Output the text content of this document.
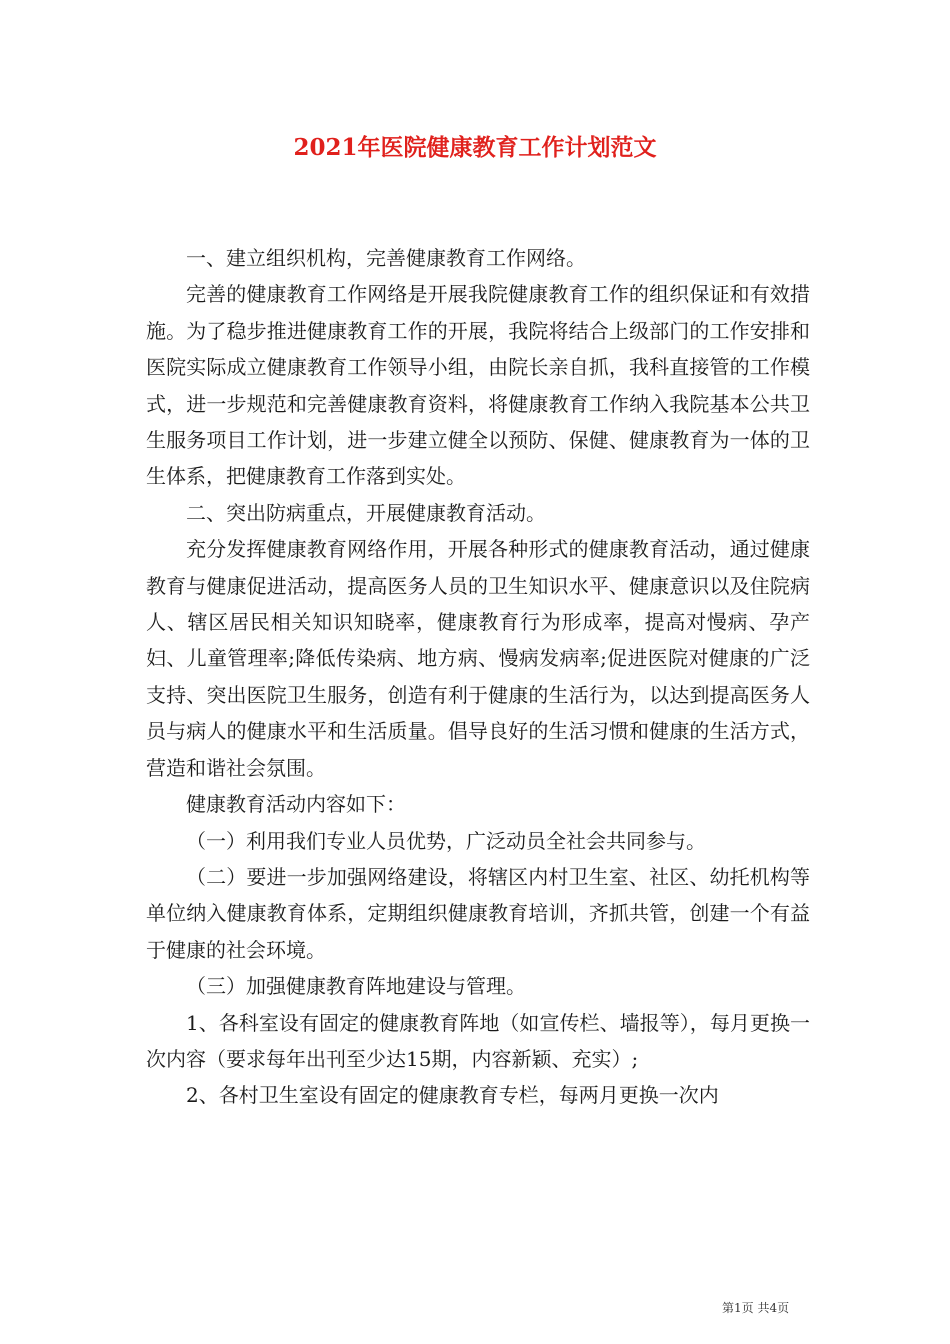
2021年医院健康教育工作计划范文

一、建立组织机构，完善健康教育工作网络。

完善的健康教育工作网络是开展我院健康教育工作的组织保证和有效措施。为了稳步推进健康教育工作的开展，我院将结合上级部门的工作安排和医院实际成立健康教育工作领导小组，由院长亲自抓，我科直接管的工作模式，进一步规范和完善健康教育资料，将健康教育工作纳入我院基本公共卫生服务项目工作计划，进一步建立健全以预防、保健、健康教育为一体的卫生体系，把健康教育工作落到实处。

二、突出防病重点，开展健康教育活动。

充分发挥健康教育网络作用，开展各种形式的健康教育活动，通过健康教育与健康促进活动，提高医务人员的卫生知识水平、健康意识以及住院病人、辖区居民相关知识知晓率，健康教育行为形成率，提高对慢病、孕产妇、儿童管理率;降低传染病、地方病、慢病发病率;促进医院对健康的广泛支持、突出医院卫生服务，创造有利于健康的生活行为，以达到提高医务人员与病人的健康水平和生活质量。倡导良好的生活习惯和健康的生活方式，营造和谐社会氛围。

健康教育活动内容如下：

（一）利用我们专业人员优势，广泛动员全社会共同参与。

（二）要进一步加强网络建设，将辖区内村卫生室、社区、幼托机构等单位纳入健康教育体系，定期组织健康教育培训，齐抓共管，创建一个有益于健康的社会环境。

（三）加强健康教育阵地建设与管理。

1、各科室设有固定的健康教育阵地（如宣传栏、墙报等），每月更换一次内容（要求每年出刊至少达15期，内容新颖、充实）;

2、各村卫生室设有固定的健康教育专栏，每两月更换一次内

第1页 共4页
